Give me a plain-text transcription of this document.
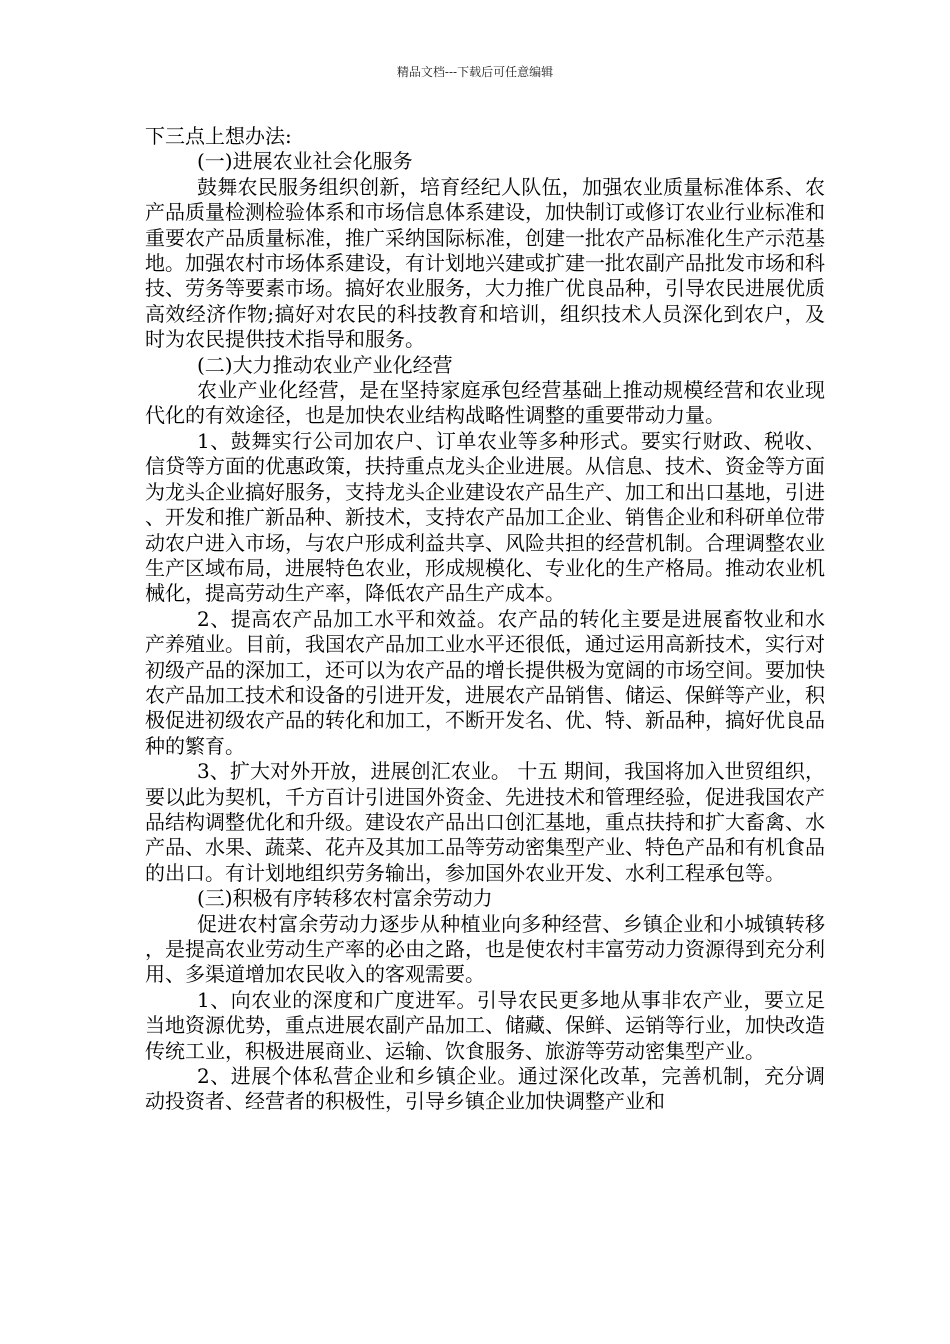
精品文档---下载后可任意编辑

下三点上想办法:

(一)进展农业社会化服务

鼓舞农民服务组织创新，培育经纪人队伍，加强农业质量标准体系、农产品质量检测检验体系和市场信息体系建设，加快制订或修订农业行业标准和重要农产品质量标准，推广采纳国际标准，创建一批农产品标准化生产示范基地。加强农村市场体系建设，有计划地兴建或扩建一批农副产品批发市场和科技、劳务等要素市场。搞好农业服务，大力推广优良品种，引导农民进展优质高效经济作物;搞好对农民的科技教育和培训，组织技术人员深化到农户，及时为农民提供技术指导和服务。

(二)大力推动农业产业化经营

农业产业化经营，是在坚持家庭承包经营基础上推动规模经营和农业现代化的有效途径，也是加快农业结构战略性调整的重要带动力量。

1、鼓舞实行公司加农户、订单农业等多种形式。要实行财政、税收、信贷等方面的优惠政策，扶持重点龙头企业进展。从信息、技术、资金等方面为龙头企业搞好服务，支持龙头企业建设农产品生产、加工和出口基地，引进、开发和推广新品种、新技术，支持农产品加工企业、销售企业和科研单位带动农户进入市场，与农户形成利益共享、风险共担的经营机制。合理调整农业生产区域布局，进展特色农业，形成规模化、专业化的生产格局。推动农业机械化，提高劳动生产率，降低农产品生产成本。

2、提高农产品加工水平和效益。农产品的转化主要是进展畜牧业和水产养殖业。目前，我国农产品加工业水平还很低，通过运用高新技术，实行对初级产品的深加工，还可以为农产品的增长提供极为宽阔的市场空间。要加快农产品加工技术和设备的引进开发，进展农产品销售、储运、保鲜等产业，积极促进初级农产品的转化和加工，不断开发名、优、特、新品种，搞好优良品种的繁育。

3、扩大对外开放，进展创汇农业。 十五 期间，我国将加入世贸组织，要以此为契机，千方百计引进国外资金、先进技术和管理经验，促进我国农产品结构调整优化和升级。建设农产品出口创汇基地，重点扶持和扩大畜禽、水产品、水果、蔬菜、花卉及其加工品等劳动密集型产业、特色产品和有机食品的出口。有计划地组织劳务输出，参加国外农业开发、水利工程承包等。

(三)积极有序转移农村富余劳动力

促进农村富余劳动力逐步从种植业向多种经营、乡镇企业和小城镇转移，是提高农业劳动生产率的必由之路，也是使农村丰富劳动力资源得到充分利用、多渠道增加农民收入的客观需要。

1、向农业的深度和广度进军。引导农民更多地从事非农产业，要立足当地资源优势，重点进展农副产品加工、储藏、保鲜、运销等行业，加快改造传统工业，积极进展商业、运输、饮食服务、旅游等劳动密集型产业。

2、进展个体私营企业和乡镇企业。通过深化改革，完善机制，充分调动投资者、经营者的积极性，引导乡镇企业加快调整产业和
